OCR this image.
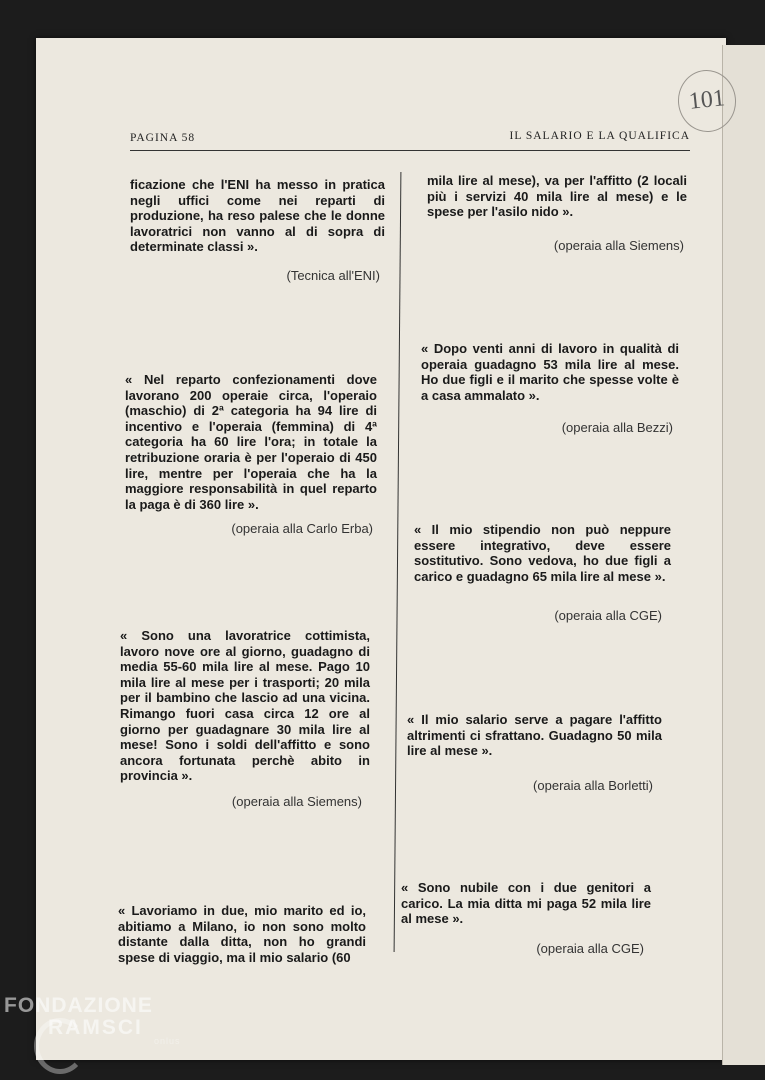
101
PAGINA 58	IL SALARIO E LA QUALIFICA

ficazione che l'ENI ha messo in pratica negli uffici come nei reparti di produzione, ha reso palese che le donne lavoratrici non vanno al di sopra di determinate classi ».

(Tecnica all'ENI)

« Nel reparto confezionamenti dove lavorano 200 operaie circa, l'operaio (maschio) di 2ª categoria ha 94 lire di incentivo e l'operaia (femmina) di 4ª categoria ha 60 lire l'ora; in totale la retribuzione oraria è per l'operaio di 450 lire, mentre per l'operaia che ha la maggiore responsabilità in quel reparto la paga è di 360 lire ».

(operaia alla Carlo Erba)

« Sono una lavoratrice cottimista, lavoro nove ore al giorno, guadagno di media 55-60 mila lire al mese. Pago 10 mila lire al mese per i trasporti; 20 mila per il bambino che lascio ad una vicina. Rimango fuori casa circa 12 ore al giorno per guadagnare 30 mila lire al mese! Sono i soldi dell'affitto e sono ancora fortunata perchè abito in provincia ».

(operaia alla Siemens)

« Lavoriamo in due, mio marito ed io, abitiamo a Milano, io non sono molto distante dalla ditta, non ho grandi spese di viaggio, ma il mio salario (60

mila lire al mese), va per l'affitto (2 locali più i servizi 40 mila lire al mese) e le spese per l'asilo nido ».

(operaia alla Siemens)

« Dopo venti anni di lavoro in qualità di operaia guadagno 53 mila lire al mese. Ho due figli e il marito che spesse volte è a casa ammalato ».

(operaia alla Bezzi)

« Il mio stipendio non può neppure essere integrativo, deve essere sostitutivo. Sono vedova, ho due figli a carico e guadagno 65 mila lire al mese ».

(operaia alla CGE)

« Il mio salario serve a pagare l'affitto altrimenti ci sfrattano. Guadagno 50 mila lire al mese ».

(operaia alla Borletti)

« Sono nubile con i due genitori a carico. La mia ditta mi paga 52 mila lire al mese ».

(operaia alla CGE)

FONDAZIONE
RAMSCI
onlus
